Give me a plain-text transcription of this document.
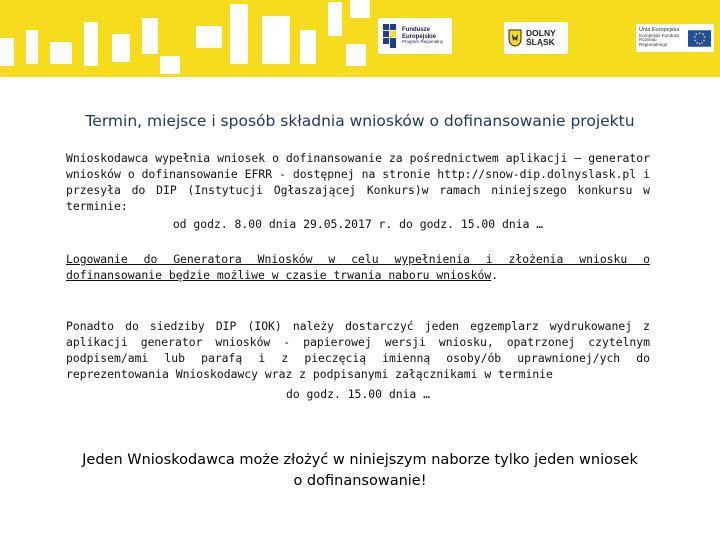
Fundusze
Europejskie
Program Regionalny
DOLNY
ŚLĄSK
Unia Europejska
Europejski Fundusz
Rozwoju Regionalnego
Termin, miejsce i sposób składnia wniosków o dofinansowanie projektu
Wnioskodawca wypełnia wniosek o dofinansowanie za pośrednictwem aplikacji – generator wniosków o dofinansowanie EFRR - dostępnej na stronie http://snow-dip.dolnyslask.pl i przesyła do DIP (Instytucji Ogłaszającej Konkurs)w ramach niniejszego konkursu w terminie:
od godz. 8.00 dnia 29.05.2017 r. do godz. 15.00 dnia …
Logowanie do Generatora Wniosków w celu wypełnienia i złożenia wniosku o dofinansowanie będzie możliwe w czasie trwania naboru wniosków.
Ponadto do siedziby DIP (IOK) należy dostarczyć jeden egzemplarz wydrukowanej z aplikacji generator wniosków - papierowej wersji wniosku, opatrzonej czytelnym podpisem/ami lub parafą i z pieczęcią imienną osoby/ób uprawnionej/ych do reprezentowania Wnioskodawcy wraz z podpisanymi załącznikami w terminie
do godz. 15.00 dnia …
Jeden Wnioskodawca może złożyć w niniejszym naborze tylko jeden wniosek
o dofinansowanie!
